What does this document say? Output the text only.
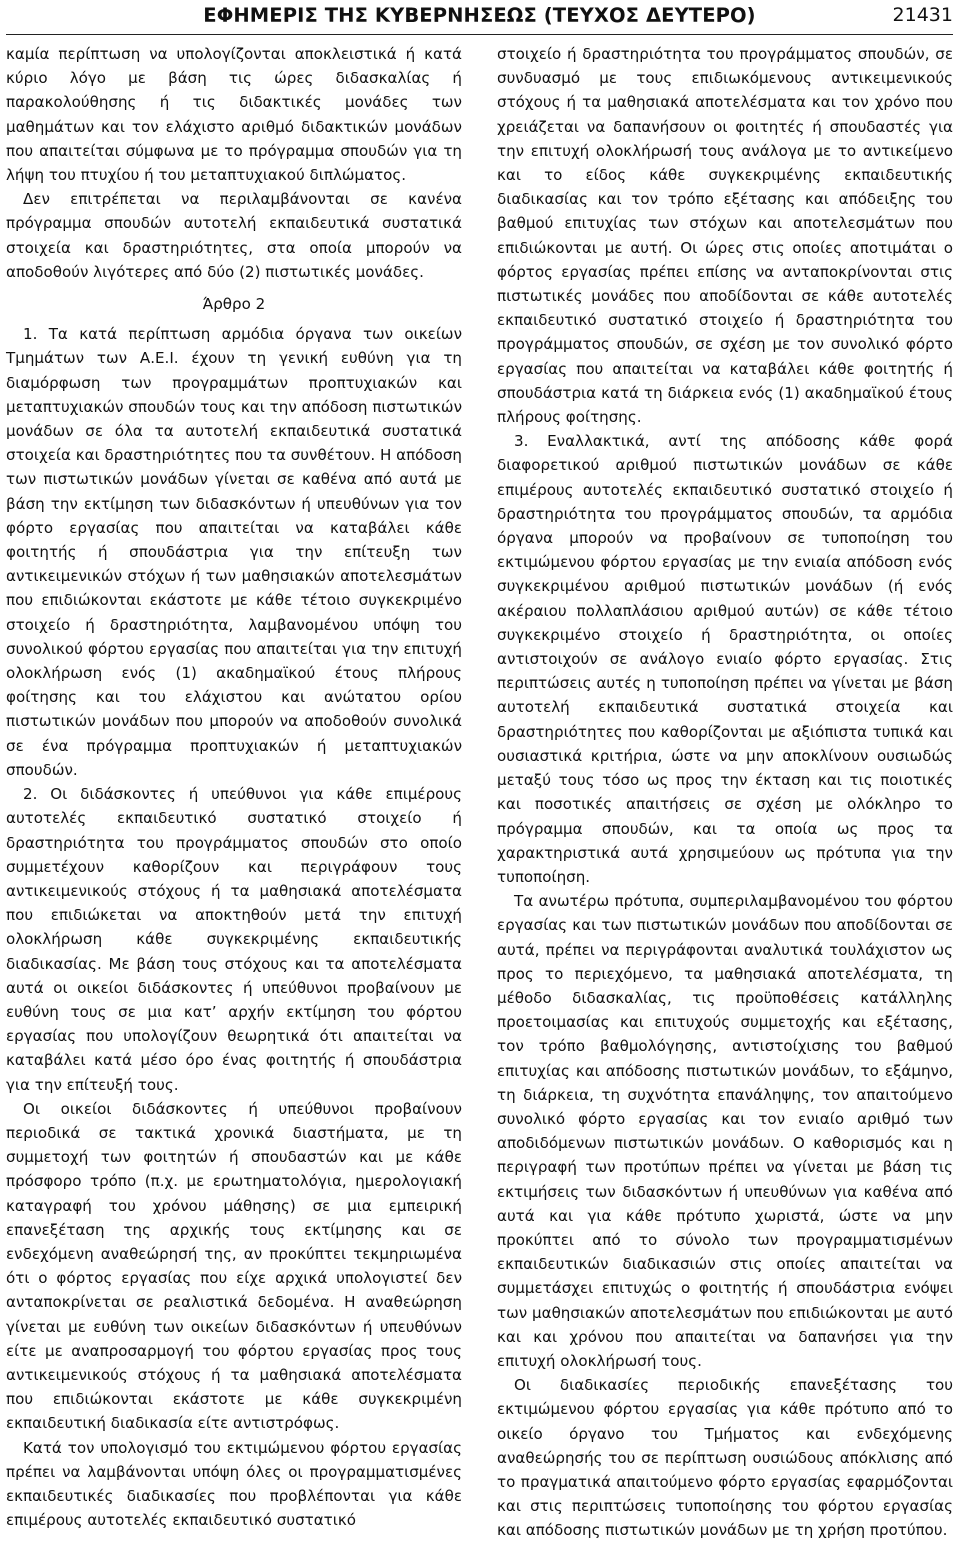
ΕΦΗΜΕΡΙΣ ΤΗΣ ΚΥΒΕΡΝΗΣΕΩΣ (ΤΕΥΧΟΣ ΔΕΥΤΕΡΟ)	21431

καμία περίπτωση να υπολογίζονται αποκλειστικά ή κατά κύριο λόγο με βάση τις ώρες διδασκαλίας ή παρακολούθησης ή τις διδακτικές μονάδες των μαθημάτων και τον ελάχιστο αριθμό διδακτικών μονάδων που απαιτείται σύμφωνα με το πρόγραμμα σπουδών για τη λήψη του πτυχίου ή του μεταπτυχιακού διπλώματος.

Δεν επιτρέπεται να περιλαμβάνονται σε κανένα πρόγραμμα σπουδών αυτοτελή εκπαιδευτικά συστατικά στοιχεία και δραστηριότητες, στα οποία μπορούν να αποδοθούν λιγότερες από δύο (2) πιστωτικές μονάδες.

Άρθρο 2

1. Τα κατά περίπτωση αρμόδια όργανα των οικείων Τμημάτων των Α.Ε.Ι. έχουν τη γενική ευθύνη για τη διαμόρφωση των προγραμμάτων προπτυχιακών και μεταπτυχιακών σπουδών τους και την απόδοση πιστωτικών μονάδων σε όλα τα αυτοτελή εκπαιδευτικά συστατικά στοιχεία και δραστηριότητες που τα συνθέτουν. Η απόδοση των πιστωτικών μονάδων γίνεται σε καθένα από αυτά με βάση την εκτίμηση των διδασκόντων ή υπευθύνων για τον φόρτο εργασίας που απαιτείται να καταβάλει κάθε φοιτητής ή σπουδάστρια για την επίτευξη των αντικειμενικών στόχων ή των μαθησιακών αποτελεσμάτων που επιδιώκονται εκάστοτε με κάθε τέτοιο συγκεκριμένο στοιχείο ή δραστηριότητα, λαμβανομένου υπόψη του συνολικού φόρτου εργασίας που απαιτείται για την επιτυχή ολοκλήρωση ενός (1) ακαδημαϊκού έτους πλήρους φοίτησης και του ελάχιστου και ανώτατου ορίου πιστωτικών μονάδων που μπορούν να αποδοθούν συνολικά σε ένα πρόγραμμα προπτυχιακών ή μεταπτυχιακών σπουδών.

2. Οι διδάσκοντες ή υπεύθυνοι για κάθε επιμέρους αυτοτελές εκπαιδευτικό συστατικό στοιχείο ή δραστηριότητα του προγράμματος σπουδών στο οποίο συμμετέχουν καθορίζουν και περιγράφουν τους αντικειμενικούς στόχους ή τα μαθησιακά αποτελέσματα που επιδιώκεται να αποκτηθούν μετά την επιτυχή ολοκλήρωση κάθε συγκεκριμένης εκπαιδευτικής διαδικασίας. Με βάση τους στόχους και τα αποτελέσματα αυτά οι οικείοι διδάσκοντες ή υπεύθυνοι προβαίνουν με ευθύνη τους σε μια κατ’ αρχήν εκτίμηση του φόρτου εργασίας που υπολογίζουν θεωρητικά ότι απαιτείται να καταβάλει κατά μέσο όρο ένας φοιτητής ή σπουδάστρια για την επίτευξή τους.

Οι οικείοι διδάσκοντες ή υπεύθυνοι προβαίνουν περιοδικά σε τακτικά χρονικά διαστήματα, με τη συμμετοχή των φοιτητών ή σπουδαστών και με κάθε πρόσφορο τρόπο (π.χ. με ερωτηματολόγια, ημερολογιακή καταγραφή του χρόνου μάθησης) σε μια εμπειρική επανεξέταση της αρχικής τους εκτίμησης και σε ενδεχόμενη αναθεώρησή της, αν προκύπτει τεκμηριωμένα ότι ο φόρτος εργασίας που είχε αρχικά υπολογιστεί δεν ανταποκρίνεται σε ρεαλιστικά δεδομένα. Η αναθεώρηση γίνεται με ευθύνη των οικείων διδασκόντων ή υπευθύνων είτε με αναπροσαρμογή του φόρτου εργασίας προς τους αντικειμενικούς στόχους ή τα μαθησιακά αποτελέσματα που επιδιώκονται εκάστοτε με κάθε συγκεκριμένη εκπαιδευτική διαδικασία είτε αντιστρόφως.

Κατά τον υπολογισμό του εκτιμώμενου φόρτου εργασίας πρέπει να λαμβάνονται υπόψη όλες οι προγραμματισμένες εκπαιδευτικές διαδικασίες που προβλέπονται για κάθε επιμέρους αυτοτελές εκπαιδευτικό συστατικό

στοιχείο ή δραστηριότητα του προγράμματος σπουδών, σε συνδυασμό με τους επιδιωκόμενους αντικειμενικούς στόχους ή τα μαθησιακά αποτελέσματα και τον χρόνο που χρειάζεται να δαπανήσουν οι φοιτητές ή σπουδαστές για την επιτυχή ολοκλήρωσή τους ανάλογα με το αντικείμενο και το είδος κάθε συγκεκριμένης εκπαιδευτικής διαδικασίας και τον τρόπο εξέτασης και απόδειξης του βαθμού επιτυχίας των στόχων και αποτελεσμάτων που επιδιώκονται με αυτή. Οι ώρες στις οποίες αποτιμάται ο φόρτος εργασίας πρέπει επίσης να ανταποκρίνονται στις πιστωτικές μονάδες που αποδίδονται σε κάθε αυτοτελές εκπαιδευτικό συστατικό στοιχείο ή δραστηριότητα του προγράμματος σπουδών, σε σχέση με τον συνολικό φόρτο εργασίας που απαιτείται να καταβάλει κάθε φοιτητής ή σπουδάστρια κατά τη διάρκεια ενός (1) ακαδημαϊκού έτους πλήρους φοίτησης.

3. Εναλλακτικά, αντί της απόδοσης κάθε φορά διαφορετικού αριθμού πιστωτικών μονάδων σε κάθε επιμέρους αυτοτελές εκπαιδευτικό συστατικό στοιχείο ή δραστηριότητα του προγράμματος σπουδών, τα αρμόδια όργανα μπορούν να προβαίνουν σε τυποποίηση του εκτιμώμενου φόρτου εργασίας με την ενιαία απόδοση ενός συγκεκριμένου αριθμού πιστωτικών μονάδων (ή ενός ακέραιου πολλαπλάσιου αριθμού αυτών) σε κάθε τέτοιο συγκεκριμένο στοιχείο ή δραστηριότητα, οι οποίες αντιστοιχούν σε ανάλογο ενιαίο φόρτο εργασίας. Στις περιπτώσεις αυτές η τυποποίηση πρέπει να γίνεται με βάση αυτοτελή εκπαιδευτικά συστατικά στοιχεία και δραστηριότητες που καθορίζονται με αξιόπιστα τυπικά και ουσιαστικά κριτήρια, ώστε να μην αποκλίνουν ουσιωδώς μεταξύ τους τόσο ως προς την έκταση και τις ποιοτικές και ποσοτικές απαιτήσεις σε σχέση με ολόκληρο το πρόγραμμα σπουδών, και τα οποία ως προς τα χαρακτηριστικά αυτά χρησιμεύουν ως πρότυπα για την τυποποίηση.

Τα ανωτέρω πρότυπα, συμπεριλαμβανομένου του φόρτου εργασίας και των πιστωτικών μονάδων που αποδίδονται σε αυτά, πρέπει να περιγράφονται αναλυτικά τουλάχιστον ως προς το περιεχόμενο, τα μαθησιακά αποτελέσματα, τη μέθοδο διδασκαλίας, τις προϋποθέσεις κατάλληλης προετοιμασίας και επιτυχούς συμμετοχής και εξέτασης, τον τρόπο βαθμολόγησης, αντιστοίχισης του βαθμού επιτυχίας και απόδοσης πιστωτικών μονάδων, το εξάμηνο, τη διάρκεια, τη συχνότητα επανάληψης, τον απαιτούμενο συνολικό φόρτο εργασίας και τον ενιαίο αριθμό των αποδιδόμενων πιστωτικών μονάδων. Ο καθορισμός και η περιγραφή των προτύπων πρέπει να γίνεται με βάση τις εκτιμήσεις των διδασκόντων ή υπευθύνων για καθένα από αυτά και για κάθε πρότυπο χωριστά, ώστε να μην προκύπτει από το σύνολο των προγραμματισμένων εκπαιδευτικών διαδικασιών στις οποίες απαιτείται να συμμετάσχει επιτυχώς ο φοιτητής ή σπουδάστρια ενόψει των μαθησιακών αποτελεσμάτων που επιδιώκονται με αυτό και και χρόνου που απαιτείται να δαπανήσει για την επιτυχή ολοκλήρωσή τους.

Οι διαδικασίες περιοδικής επανεξέτασης του εκτιμώμενου φόρτου εργασίας για κάθε πρότυπο από το οικείο όργανο του Τμήματος και ενδεχόμενης αναθεώρησής του σε περίπτωση ουσιώδους απόκλισης από το πραγματικά απαιτούμενο φόρτο εργασίας εφαρμόζονται και στις περιπτώσεις τυποποίησης του φόρτου εργασίας και απόδοσης πιστωτικών μονάδων με τη χρήση προτύπου.
